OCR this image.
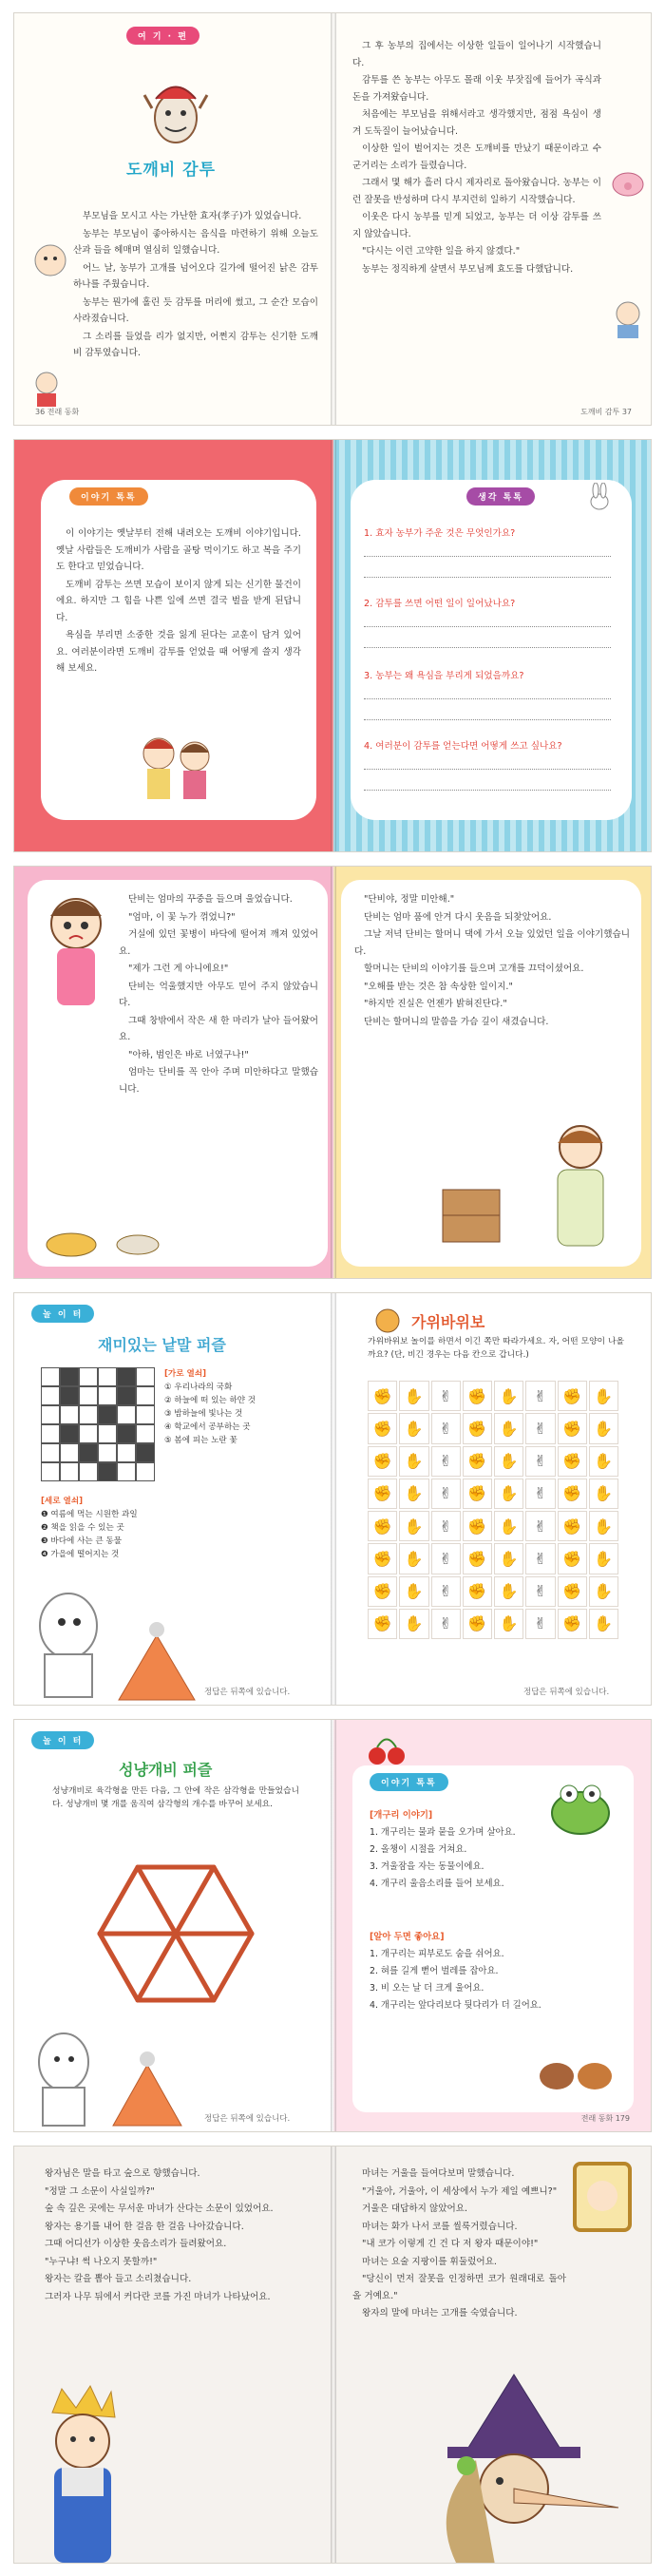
여 기 · 편
도깨비 감투

부모님을 모시고 사는 가난한 효자(孝子)가 있었습니다.

농부는 부모님이 좋아하시는 음식을 마련하기 위해 오늘도 산과 들을 헤매며 열심히 일했습니다.

어느 날, 농부가 고개를 넘어오다 길가에 떨어진 낡은 감투 하나를 주웠습니다.

농부는 뭔가에 홀린 듯 감투를 머리에 썼고, 그 순간 모습이 사라졌습니다.

그 소리를 들었을 리가 없지만, 어쩐지 감투는 신기한 도깨비 감투였습니다.

36 전래 동화

그 후 농부의 집에서는 이상한 일들이 일어나기 시작했습니다.

감투를 쓴 농부는 아무도 몰래 이웃 부잣집에 들어가 곡식과 돈을 가져왔습니다.

처음에는 부모님을 위해서라고 생각했지만, 점점 욕심이 생겨 도둑질이 늘어났습니다.

이상한 일이 벌어지는 것은 도깨비를 만났기 때문이라고 수군거리는 소리가 들렸습니다.

그래서 몇 해가 흘러 다시 제자리로 돌아왔습니다. 농부는 이런 잘못을 반성하며 다시 부지런히 일하기 시작했습니다.

이웃은 다시 농부를 믿게 되었고, 농부는 더 이상 감투를 쓰지 않았습니다.

"다시는 이런 고약한 일을 하지 않겠다."

농부는 정직하게 살면서 부모님께 효도를 다했답니다.

도깨비 감투 37
이야기 톡톡

이 이야기는 옛날부터 전해 내려오는 도깨비 이야기입니다. 옛날 사람들은 도깨비가 사람을 골탕 먹이기도 하고 복을 주기도 한다고 믿었습니다.

도깨비 감투는 쓰면 모습이 보이지 않게 되는 신기한 물건이에요. 하지만 그 힘을 나쁜 일에 쓰면 결국 벌을 받게 된답니다.

욕심을 부리면 소중한 것을 잃게 된다는 교훈이 담겨 있어요. 여러분이라면 도깨비 감투를 얻었을 때 어떻게 쓸지 생각해 보세요.

생각 톡톡
1. 효자 농부가 주운 것은 무엇인가요?
2. 감투를 쓰면 어떤 일이 일어났나요?
3. 농부는 왜 욕심을 부리게 되었을까요?
4. 여러분이 감투를 얻는다면 어떻게 쓰고 싶나요?

단비는 엄마의 꾸중을 들으며 울었습니다.

"엄마, 이 꽃 누가 꺾었니?"

거실에 있던 꽃병이 바닥에 떨어져 깨져 있었어요.

"제가 그런 게 아니에요!"

단비는 억울했지만 아무도 믿어 주지 않았습니다.

그때 창밖에서 작은 새 한 마리가 날아 들어왔어요.

"아하, 범인은 바로 너였구나!"

엄마는 단비를 꼭 안아 주며 미안하다고 말했습니다.

"단비야, 정말 미안해."

단비는 엄마 품에 안겨 다시 웃음을 되찾았어요.

그날 저녁 단비는 할머니 댁에 가서 오늘 있었던 일을 이야기했습니다.

할머니는 단비의 이야기를 들으며 고개를 끄덕이셨어요.

"오해를 받는 것은 참 속상한 일이지."

"하지만 진실은 언젠가 밝혀진단다."

단비는 할머니의 말씀을 가슴 깊이 새겼습니다.

놀 이 터
재미있는 낱말 퍼즐
[가로 열쇠]
① 우리나라의 국화
② 하늘에 떠 있는 하얀 것
③ 밤하늘에 빛나는 것
④ 학교에서 공부하는 곳
⑤ 봄에 피는 노란 꽃
[세로 열쇠]
❶ 여름에 먹는 시원한 과일
❷ 책을 읽을 수 있는 곳
❸ 바다에 사는 큰 동물
❹ 가을에 떨어지는 것
정답은 뒤쪽에 있습니다.
가위바위보
가위바위보 놀이를 하면서 이긴 쪽만 따라가세요. 자, 어떤 모양이 나올까요? (단, 비긴 경우는 다음 칸으로 갑니다.)
✊ ✋	✌	✊ ✋	✌	✊ ✋
✊ ✋	✌	✊ ✋	✌	✊ ✋
✊ ✋	✌	✊ ✋	✌	✊ ✋
✊ ✋	✌	✊ ✋	✌	✊ ✋
✊ ✋	✌	✊ ✋	✌	✊ ✋
✊ ✋	✌	✊ ✋	✌	✊ ✋
✊ ✋	✌	✊ ✋	✌	✊ ✋
✊ ✋	✌	✊ ✋	✌	✊ ✋
정답은 뒤쪽에 있습니다.
놀 이 터
성냥개비 퍼즐
성냥개비로 육각형을 만든 다음, 그 안에 작은 삼각형을 만들었습니다. 성냥개비 몇 개를 움직여 삼각형의 개수를 바꾸어 보세요.
정답은 뒤쪽에 있습니다.
이야기 톡톡
[개구리 이야기]
1. 개구리는 물과 뭍을 오가며 살아요.
2. 올챙이 시절을 거쳐요.
3. 겨울잠을 자는 동물이에요.
4. 개구리 울음소리를 들어 보세요.
[알아 두면 좋아요]
1. 개구리는 피부로도 숨을 쉬어요.
2. 혀를 길게 뻗어 벌레를 잡아요.
3. 비 오는 날 더 크게 울어요.
4. 개구리는 앞다리보다 뒷다리가 더 길어요.
전래 동화 179

왕자님은 말을 타고 숲으로 향했습니다.

"정말 그 소문이 사실일까?"

숲 속 깊은 곳에는 무서운 마녀가 산다는 소문이 있었어요.

왕자는 용기를 내어 한 걸음 한 걸음 나아갔습니다.

그때 어디선가 이상한 웃음소리가 들려왔어요.

"누구냐! 썩 나오지 못할까!"

왕자는 칼을 뽑아 들고 소리쳤습니다.

그러자 나무 뒤에서 커다란 코를 가진 마녀가 나타났어요.

마녀는 거울을 들여다보며 말했습니다.

"거울아, 거울아, 이 세상에서 누가 제일 예쁘니?"

거울은 대답하지 않았어요.

마녀는 화가 나서 코를 씰룩거렸습니다.

"내 코가 이렇게 긴 건 다 저 왕자 때문이야!"

마녀는 요술 지팡이를 휘둘렀어요.

"당신이 먼저 잘못을 인정하면 코가 원래대로 돌아올 거예요."

왕자의 말에 마녀는 고개를 숙였습니다.
